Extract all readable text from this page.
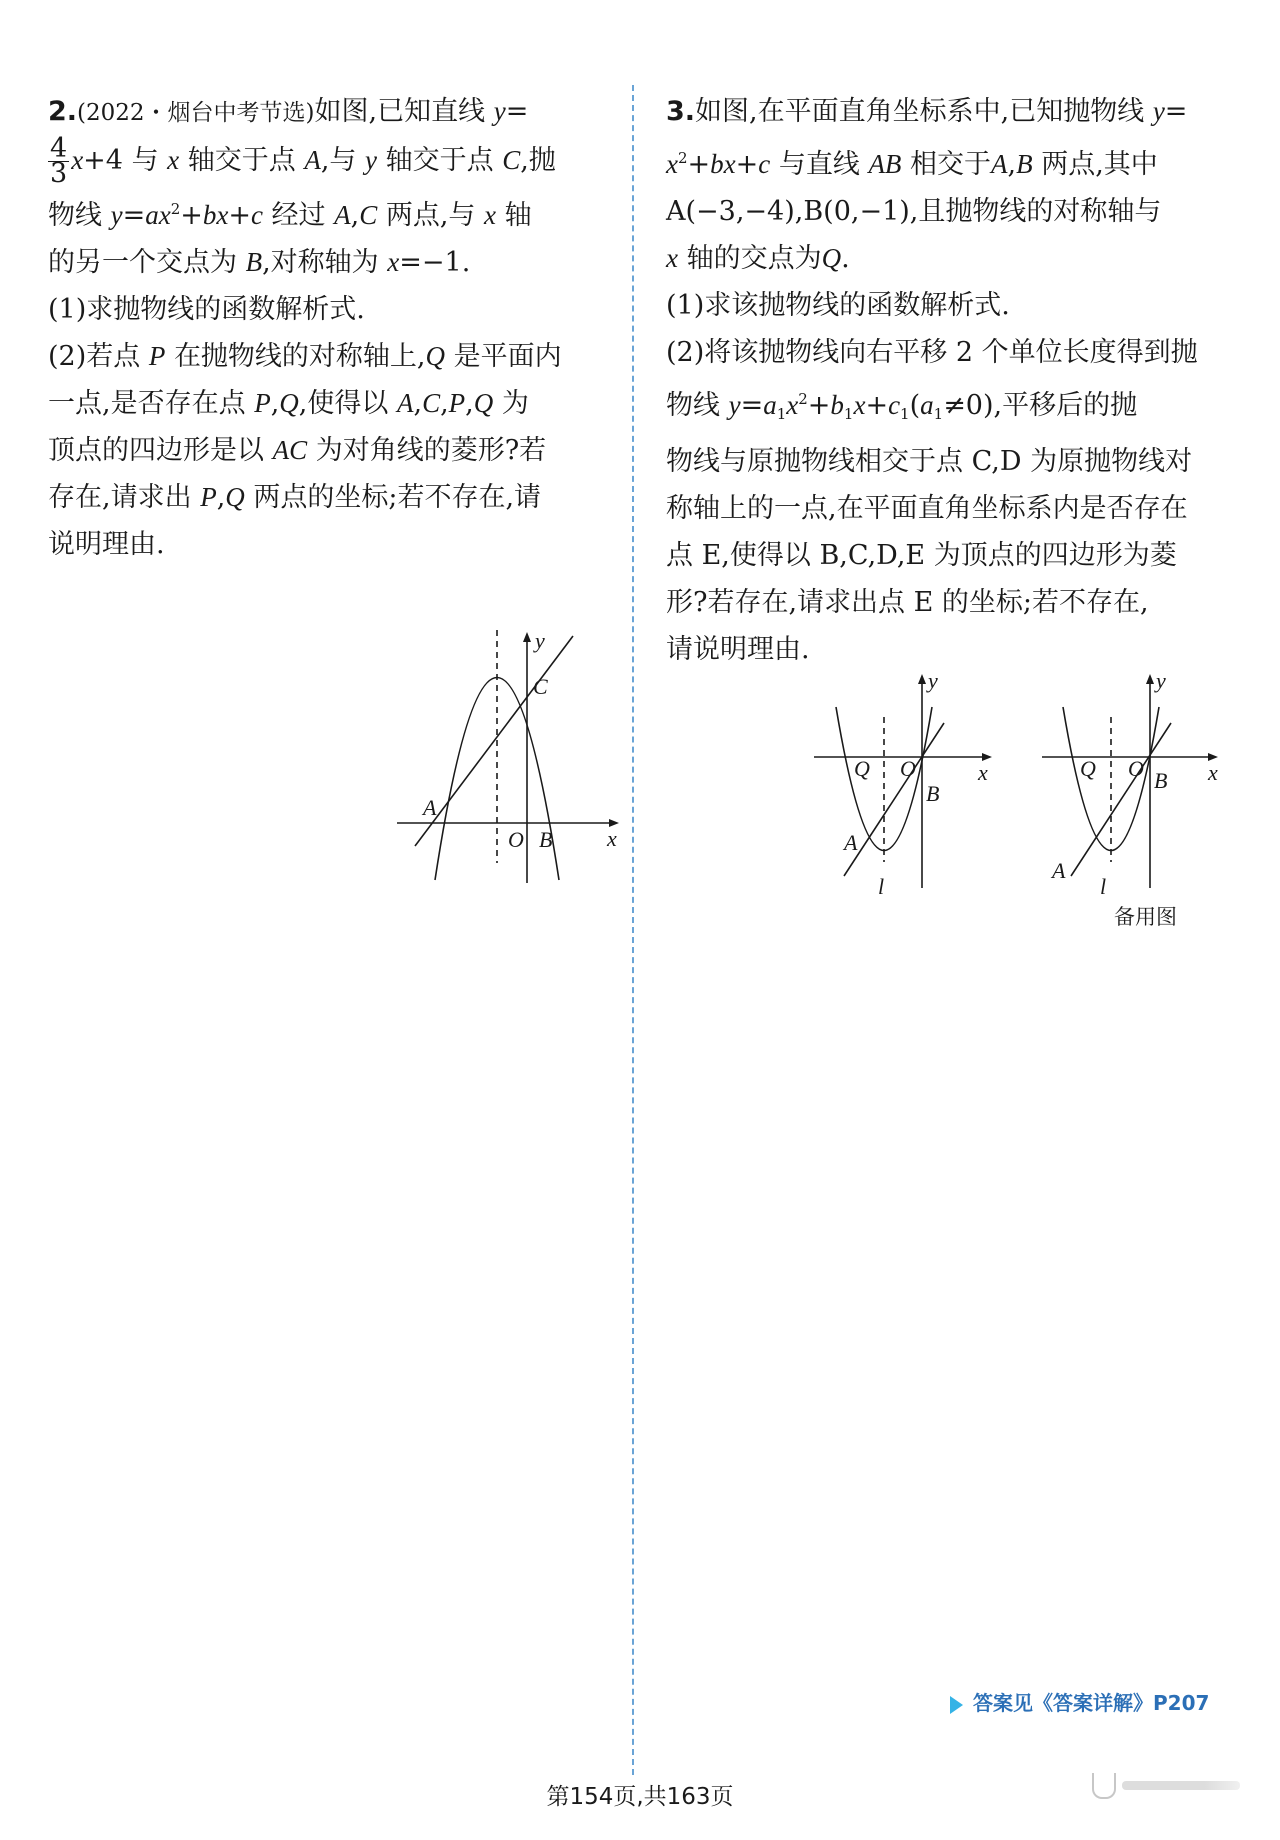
2.(2022・烟台中考节选)如图,已知直线 y=
$\frac{4}{3} x+4$ 与 x 轴交于点 A,与 y 轴交于点 C,抛
物线 $y=ax^2+bx+c$ 经过 A,C 两点,与 x 轴
的另一个交点为 B,对称轴为 x=−1.
(1)求抛物线的函数解析式.
(2)若点 P 在抛物线的对称轴上,Q 是平面内
一点,是否存在点 P,Q,使得以 A,C,P,Q 为
顶点的四边形是以 AC 为对角线的菱形?若
存在,请求出 P,Q 两点的坐标;若不存在,请
说明理由.
y
C
A
O B x
3.如图,在平面直角坐标系中,已知抛物线 y=
$x^2+bx+c$ 与直线 AB 相交于A,B 两点,其中
A(−3,−4),B(0,−1),且抛物线的对称轴与
x 轴的交点为Q.
(1)求该抛物线的函数解析式.
(2)将该抛物线向右平移 2 个单位长度得到抛
物线 $y=a_1x^2+b_1x+c_1(a_1\ne 0)$,平移后的抛
物线与原抛物线相交于点 C,D 为原抛物线对
称轴上的一点,在平面直角坐标系内是否存在
点 E,使得以 B,C,D,E 为顶点的四边形为菱
形?若存在,请求出点 E 的坐标;若不存在,
请说明理由.
y
Q O
B
x
A
l
y
Q O B x
A
l
备用图
答案见《答案详解》P207
第154页,共163页
